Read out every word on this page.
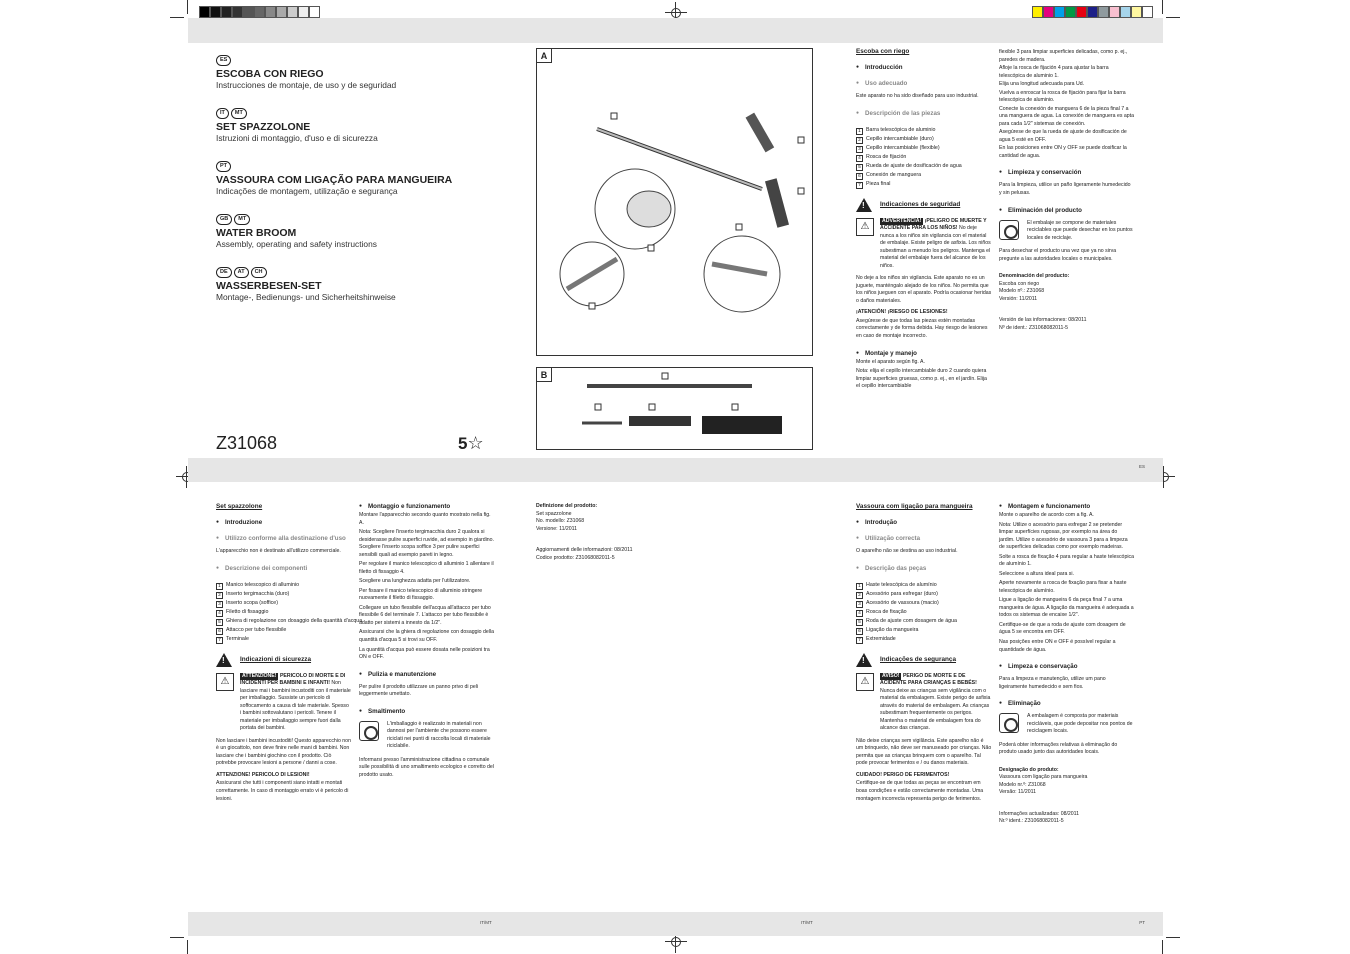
ES
IT/MT	IT/MT	PT
ES
ESCOBA CON RIEGO
Instrucciones de montaje, de uso y de seguridad
IT MT
SET SPAZZOLONE
Istruzioni di montaggio, d'uso e di sicurezza
PT
VASSOURA COM LIGAÇÃO PARA MANGUEIRA
Indicações de montagem, utilização e segurança
GB MT
WATER BROOM
Assembly, operating and safety instructions
DE AT CH
WASSERBESEN-SET
Montage-, Bedienungs- und Sicherheitshinweise
Z31068	5☆
A
B
Escoba con riego
● Introducción
● Uso adecuado
Este aparato no ha sido diseñado para uso industrial.
● Descripción de las piezas
1 Barra telescópica de aluminio
2 Cepillo intercambiable (duro)
3 Cepillo intercambiable (flexible)
4 Rosca de fijación
5 Rueda de ajuste de dosificación de agua
6 Conexión de manguera
7 Pieza final
!
Indicaciones de seguridad
⚠	ADVERTENCIA! ¡PELIGRO DE MUERTE Y ACCIDENTE PARA LOS NIÑOS! No deje nunca a los niños sin vigilancia con el material de embalaje. Existe peligro de asfixia. Los niños subestiman a menudo los peligros. Mantenga el material del embalaje fuera del alcance de los niños.
No deje a los niños sin vigilancia. Este aparato no es un juguete, manténgalo alejado de los niños. No permita que los niños jueguen con el aparato. Podría ocasionar heridas o daños materiales.
¡ATENCIÓN! ¡RIESGO DE LESIONES!
Asegúrese de que todas las piezas estén montadas correctamente y de forma debida. Hay riesgo de lesiones en caso de montaje incorrecto.
● Montaje y manejo
Monte el aparato según fig. A.
Nota: elija el cepillo intercambiable duro 2 cuando quiera limpiar superficies gruesas, como p. ej., en el jardín. Elija el cepillo intercambiable
flexible 3 para limpiar superficies delicadas, como p. ej., paredes de madera.
Afloje la rosca de fijación 4 para ajustar la barra telescópica de aluminio 1.
Elija una longitud adecuada para Ud.
Vuelva a enroscar la rosca de fijación para fijar la barra telescópica de aluminio.
Conecte la conexión de manguera 6 de la pieza final 7 a una manguera de agua. La conexión de manguera es apta para cada 1/2" sistemas de conexión.
Asegúrese de que la rueda de ajuste de dosificación de agua 5 esté en OFF.
En las posiciones entre ON y OFF se puede dosificar la cantidad de agua.
● Limpieza y conservación
Para la limpieza, utilice un paño ligeramente humedecido y sin pelusas.
● Eliminación del producto
El embalaje se compone de materiales reciclables que puede desechar en los puntos locales de reciclaje.
Para desechar el producto una vez que ya no sirva pregunte a las autoridades locales o municipales.
Denominación del producto:
Escoba con riego
Modelo nº.: Z31068
Versión: 11/2011
Versión de las informaciones: 08/2011
Nº de ident.: Z31068082011-5
Set spazzolone
● Introduzione
● Utilizzo conforme alla destinazione d'uso
L'apparecchio non è destinato all'utilizzo commerciale.
● Descrizione dei componenti
1 Manico telescopico di alluminio
2 Inserto tergimacchia (duro)
3 Inserto scopa (soffice)
4 Filetto di fissaggio
5 Ghiera di regolazione con dosaggio della quantità d'acqua
6 Attacco per tubo flessibile
7 Terminale
!
Indicazioni di sicurezza
⚠	ATTENZIONE! PERICOLO DI MORTE E DI INCIDENTI PER BAMBINI E INFANTI! Non lasciare mai i bambini incustoditi con il materiale per imballaggio. Sussiste un pericolo di soffocamento a causa di tale materiale. Spesso i bambini sottovalutano i pericoli. Tenere il materiale per imballaggio sempre fuori dalla portata dei bambini.
Non lasciare i bambini incustoditi! Questo apparecchio non è un giocattolo, non deve finire nelle mani di bambini. Non lasciare che i bambini giochino con il prodotto. Ciò potrebbe provocare lesioni a persone / danni a cose.
ATTENZIONE! PERICOLO DI LESIONI!
Assicurarsi che tutti i componenti siano intatti e montati correttamente. In caso di montaggio errato vi è pericolo di lesioni.
● Montaggio e funzionamento
Montare l'apparecchio secondo quanto mostrato nella fig. A.
Nota: Scegliere l'inserto tergimacchia duro 2 qualora si desiderasse pulire superfici ruvide, ad esempio in giardino. Scegliere l'inserto scopa soffice 3 per pulire superfici sensibili quali ad esempio pareti in legno.
Per regolare il manico telescopico di alluminio 1 allentare il filetto di fissaggio 4.
Scegliere una lunghezza adatta per l'utilizzatore.
Per fissare il manico telescopico di alluminio stringere nuovamente il filetto di fissaggio.
Collegare un tubo flessibile dell'acqua all'attacco per tubo flessibile 6 del terminale 7. L'attacco per tubo flessibile è adatto per sistemi a innesto da 1/2".
Assicurarsi che la ghiera di regolazione con dosaggio della quantità d'acqua 5 si trovi su OFF.
La quantità d'acqua può essere dosata nelle posizioni tra ON e OFF.
● Pulizia e manutenzione
Per pulire il prodotto utilizzare un panno privo di peli leggermente umettato.
● Smaltimento
L'imballaggio è realizzato in materiali non dannosi per l'ambiente che possono essere riciclati nei punti di raccolta locali di materiale riciclabile.
Informarsi presso l'amministrazione cittadina o comunale sulle possibilità di uno smaltimento ecologico e corretto del prodotto usato.
Definizione del prodotto:
Set spazzolone
No. modello: Z31068
Versione: 11/2011
Aggiornamenti delle informazioni: 08/2011
Codice prodotto: Z31068082011-5
Vassoura com ligação para mangueira
● Introdução
● Utilização correcta
O aparelho não se destina ao uso industrial.
● Descrição das peças
1 Haste telescópica de alumínio
2 Acessório para esfregar (duro)
3 Acessório de vassoura (macio)
4 Rosca de fixação
5 Roda de ajuste com dosagem de água
6 Ligação da mangueira
7 Extremidade
!
Indicações de segurança
⚠	AVISO! PERIGO DE MORTE E DE ACIDENTE PARA CRIANÇAS E BEBÉS! Nunca deixe as crianças sem vigilância com o material da embalagem. Existe perigo de asfixia através do material de embalagem. As crianças subestimam frequentemente os perigos. Mantenha o material de embalagem fora do alcance das crianças.
Não deixe crianças sem vigilância. Este aparelho não é um brinquedo, não deve ser manuseado por crianças. Não permita que as crianças brinquem com o aparelho. Tal pode provocar ferimentos e / ou danos materiais.
CUIDADO! PERIGO DE FERIMENTOS!
Certifique-se de que todas as peças se encontram em boas condições e estão correctamente montadas. Uma montagem incorrecta representa perigo de ferimentos.
● Montagem e funcionamento
Monte o aparelho de acordo com a fig. A.
Nota: Utilize o acessório para esfregar 2 se pretender limpar superfícies rugosas, por exemplo na área do jardim. Utilize o acessório de vassoura 3 para a limpeza de superfícies delicadas como por exemplo madeiras.
Solte a rosca de fixação 4 para regular a haste telescópica de alumínio 1.
Seleccione a altura ideal para si.
Aperte novamente a rosca de fixação para fixar a haste telescópica de alumínio.
Ligue a ligação de mangueira 6 da peça final 7 a uma mangueira de água. A ligação da mangueira é adequada a todos os sistemas de encaixe 1/2".
Certifique-se de que a roda de ajuste com dosagem de água 5 se encontra em OFF.
Nas posições entre ON e OFF é possível regular a quantidade de água.
● Limpeza e conservação
Para a limpeza e manutenção, utilize um pano ligeiramente humedecido e sem fios.
● Eliminação
A embalagem é composta por materiais recicláveis, que pode depositar nos pontos de reciclagem locais.
Poderá obter informações relativas à eliminação do produto usado junto das autoridades locais.
Designação do produto:
Vassoura com ligação para mangueira
Modelo nr.º: Z31068
Versão: 11/2011
Informações actualizadas: 08/2011
Nr.º ident.: Z31068082011-5
